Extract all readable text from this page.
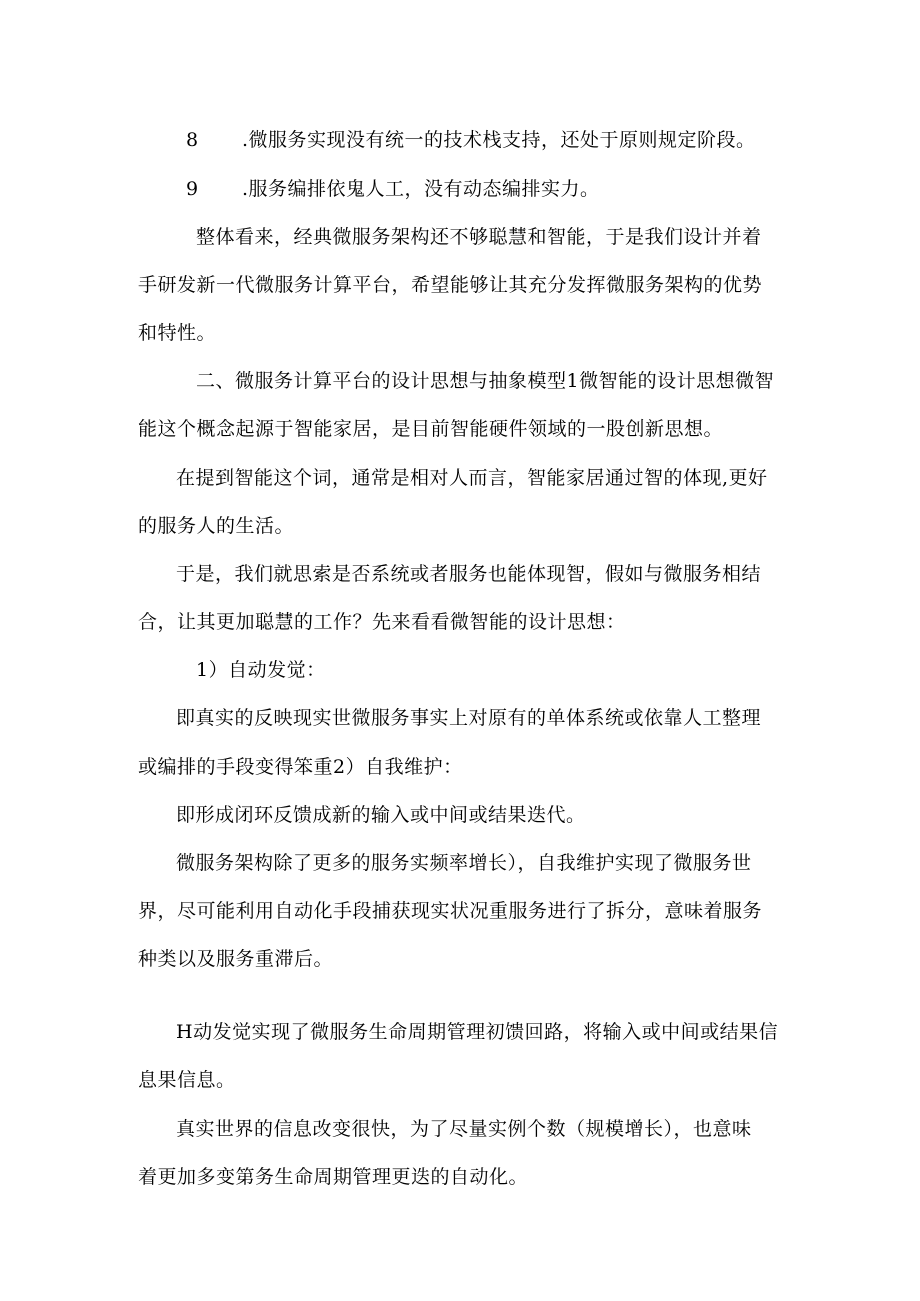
8 .微服务实现没有统一的技术栈支持，还处于原则规定阶段。
9 .服务编排依鬼人工，没有动态编排实力。
整体看来，经典微服务架构还不够聪慧和智能，于是我们设计并着
手研发新一代微服务计算平台，希望能够让其充分发挥微服务架构的优势
和特性。
二、微服务计算平台的设计思想与抽象模型1微智能的设计思想微智
能这个概念起源于智能家居，是目前智能硬件领域的一股创新思想。
在提到智能这个词，通常是相对人而言，智能家居通过智的体现,更好
的服务人的生活。
于是，我们就思索是否系统或者服务也能体现智，假如与微服务相结
合，让其更加聪慧的工作？先来看看微智能的设计思想：
1）自动发觉：
即真实的反映现实世微服务事实上对原有的单体系统或依靠人工整理
或编排的手段变得笨重2）自我维护：
即形成闭环反馈成新的输入或中间或结果迭代。
微服务架构除了更多的服务实频率增长），自我维护实现了微服务世
界，尽可能利用自动化手段捕获现实状况重服务进行了拆分，意味着服务
种类以及服务重滞后。
H动发觉实现了微服务生命周期管理初馈回路，将输入或中间或结果信
息果信息。
真实世界的信息改变很快，为了尽量实例个数（规模增长），也意味
着更加多变第务生命周期管理更迭的自动化。
